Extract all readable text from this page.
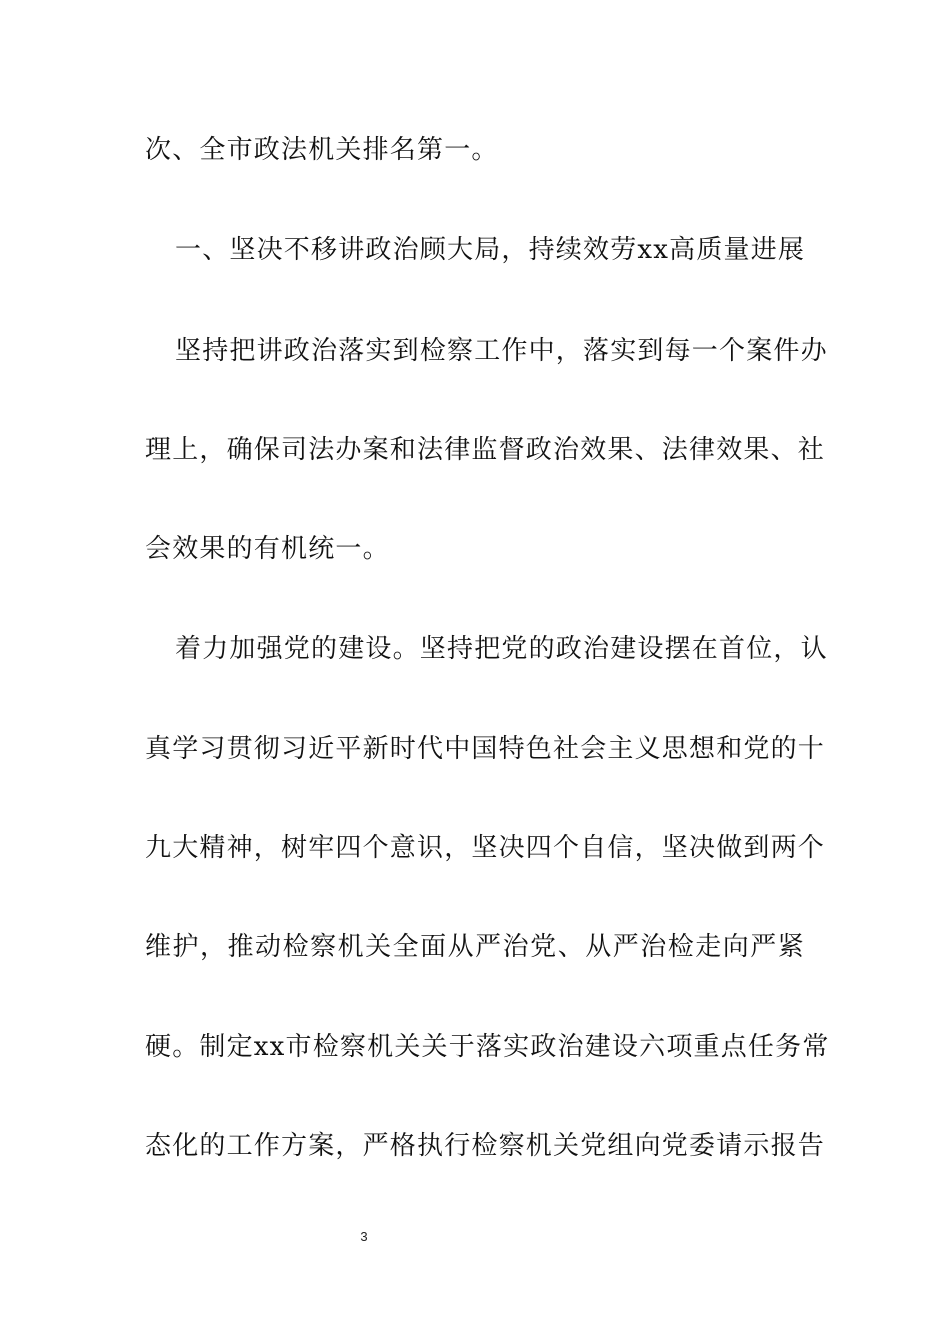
次、全市政法机关排名第一。
一、坚决不移讲政治顾大局，持续效劳xx高质量进展
坚持把讲政治落实到检察工作中，落实到每一个案件办
理上，确保司法办案和法律监督政治效果、法律效果、社
会效果的有机统一。
着力加强党的建设。坚持把党的政治建设摆在首位，认
真学习贯彻习近平新时代中国特色社会主义思想和党的十
九大精神，树牢四个意识，坚决四个自信，坚决做到两个
维护，推动检察机关全面从严治党、从严治检走向严紧
硬。制定xx市检察机关关于落实政治建设六项重点任务常
态化的工作方案，严格执行检察机关党组向党委请示报告
3
